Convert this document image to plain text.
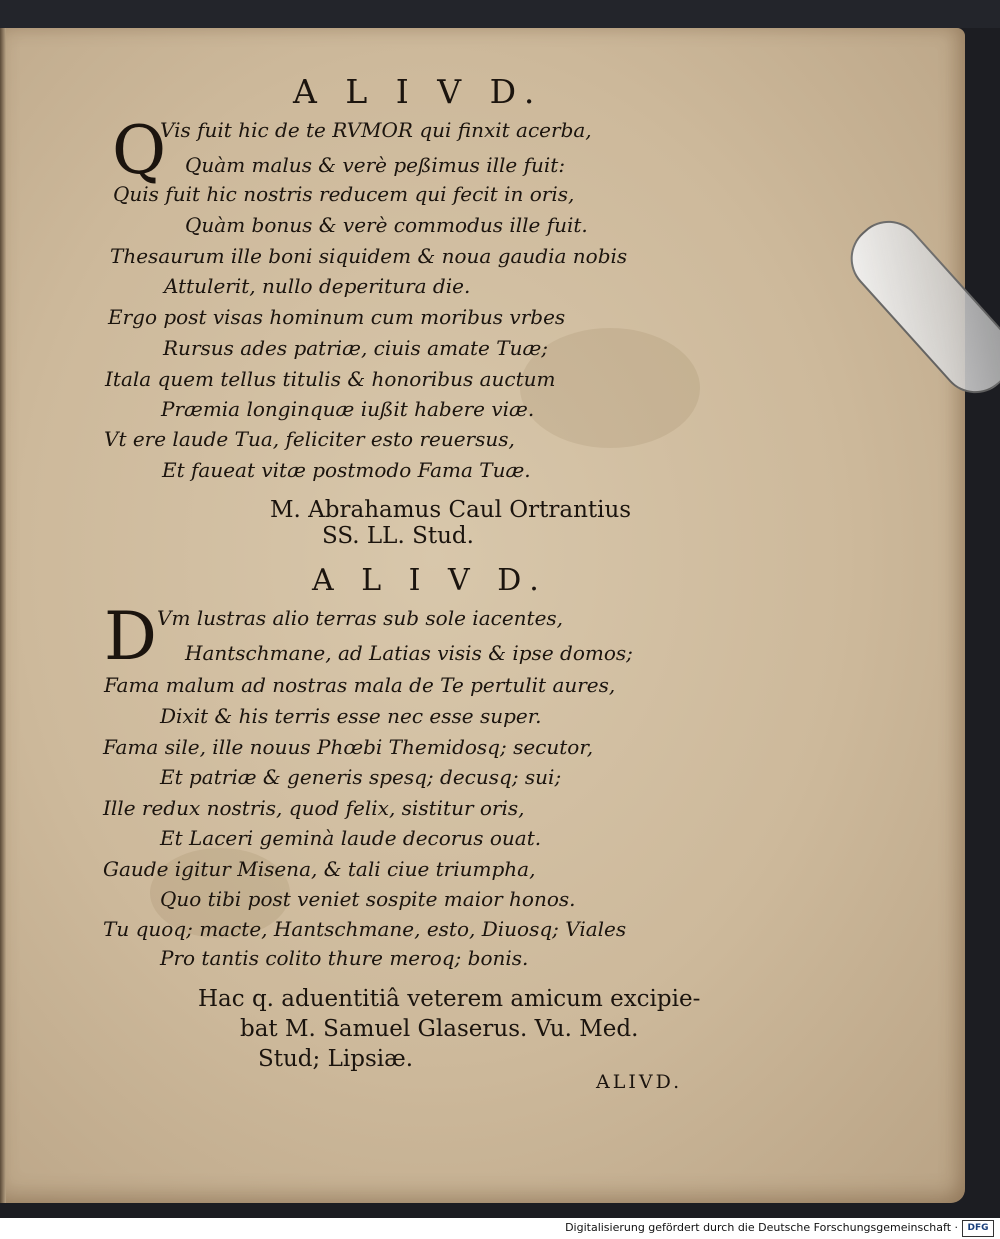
A L I V D.
Q
Vis fuit hic de te RVMOR qui finxit acerba,
Quàm malus & verè peßimus ille fuit:
Quis fuit hic nostris reducem qui fecit in oris,
Quàm bonus & verè commodus ille fuit.
Thesaurum ille boni siquidem & noua gaudia nobis
Attulerit, nullo deperitura die.
Ergo post visas hominum cum moribus vrbes
Rursus ades patriæ, ciuis amate Tuæ;
Itala quem tellus titulis & honoribus auctum
Præmia longinquæ iußit habere viæ.
Vt ere laude Tua, feliciter esto reuersus,
Et faueat vitæ postmodo Fama Tuæ.
M. Abrahamus Caul Ortrantius
SS. LL. Stud.
A L I V D.
D Vm lustras alio terras sub sole iacentes,
Hantschmane, ad Latias visis & ipse domos;
Fama malum ad nostras mala de Te pertulit aures,
Dixit & his terris esse nec esse super.
Fama sile, ille nouus Phœbi Themidosq; secutor,
Et patriæ & generis spesq; decusq; sui;
Ille redux nostris, quod felix, sistitur oris,
Et Laceri geminà laude decorus ouat.
Gaude igitur Misena, & tali ciue triumpha,
Quo tibi post veniet sospite maior honos.
Tu quoq; macte, Hantschmane, esto, Diuosq; Viales
Pro tantis colito thure meroq; bonis.
Hac q. aduentitiâ veterem amicum excipie-
bat M. Samuel Glaserus. Vu. Med.
Stud; Lipsiæ.
ALIVD.
Digitalisierung gefördert durch die Deutsche Forschungsgemeinschaft ·	DFG
